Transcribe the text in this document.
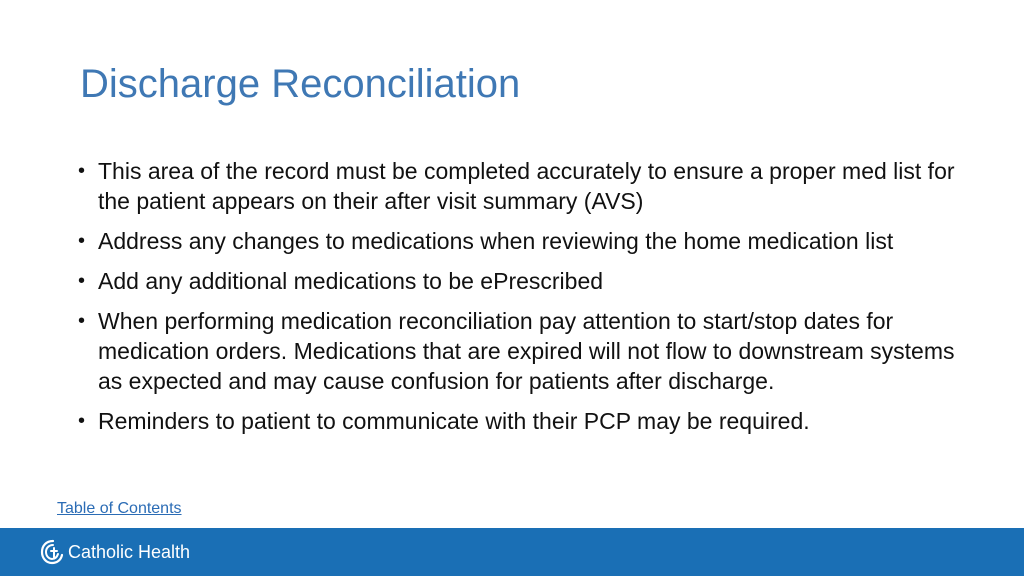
Discharge Reconciliation
• This area of the record must be completed accurately to ensure a proper med list for the patient appears on their after visit summary (AVS)
• Address any changes to medications when reviewing the home medication list
• Add any additional medications to be ePrescribed
• When performing medication reconciliation pay attention to start/stop dates for medication orders. Medications that are expired will not flow to downstream systems as expected and may cause confusion for patients after discharge.
• Reminders to patient to communicate with their PCP may be required.
Table of Contents
Catholic Health
